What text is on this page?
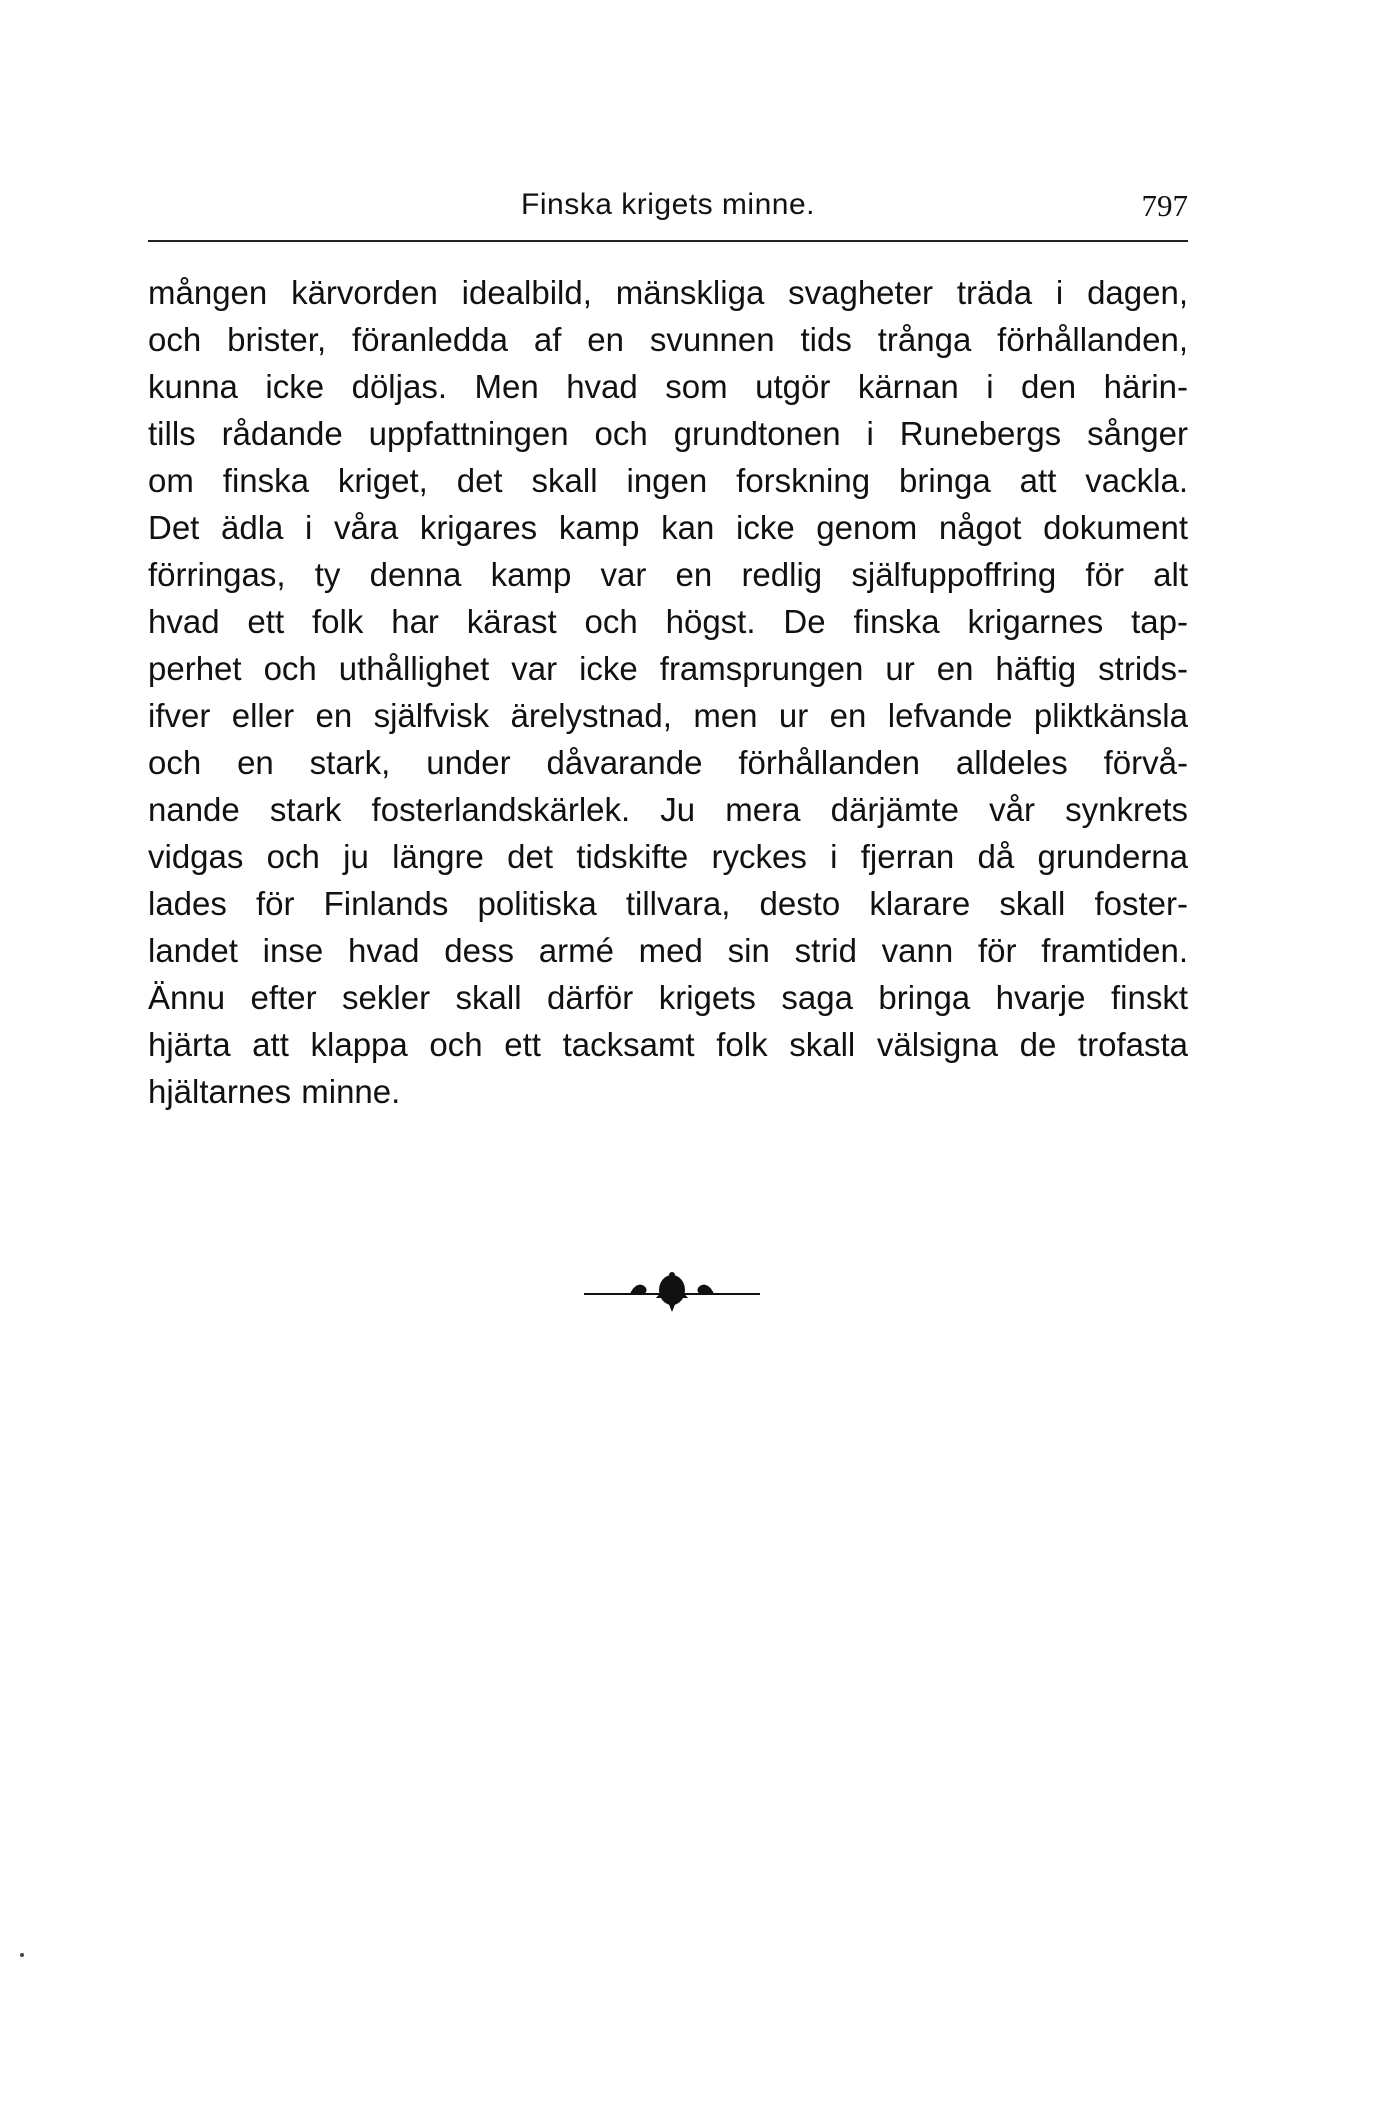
Finska krigets minne.	797
mången kärvorden idealbild, mänskliga svagheter träda i dagen,
och brister, föranledda af en svunnen tids trånga förhållanden,
kunna icke döljas. Men hvad som utgör kärnan i den härin-
tills rådande uppfattningen och grundtonen i Runebergs sånger
om finska kriget, det skall ingen forskning bringa att vackla.
Det ädla i våra krigares kamp kan icke genom något dokument
förringas, ty denna kamp var en redlig själfuppoffring för alt
hvad ett folk har kärast och högst. De finska krigarnes tap-
perhet och uthållighet var icke framsprungen ur en häftig strids-
ifver eller en själfvisk ärelystnad, men ur en lefvande pliktkänsla
och en stark, under dåvarande förhållanden alldeles förvå-
nande stark fosterlandskärlek. Ju mera därjämte vår synkrets
vidgas och ju längre det tidskifte ryckes i fjerran då grunderna
lades för Finlands politiska tillvara, desto klarare skall foster-
landet inse hvad dess armé med sin strid vann för framtiden.
Ännu efter sekler skall därför krigets saga bringa hvarje finskt
hjärta att klappa och ett tacksamt folk skall välsigna de trofasta
hjältarnes minne.
